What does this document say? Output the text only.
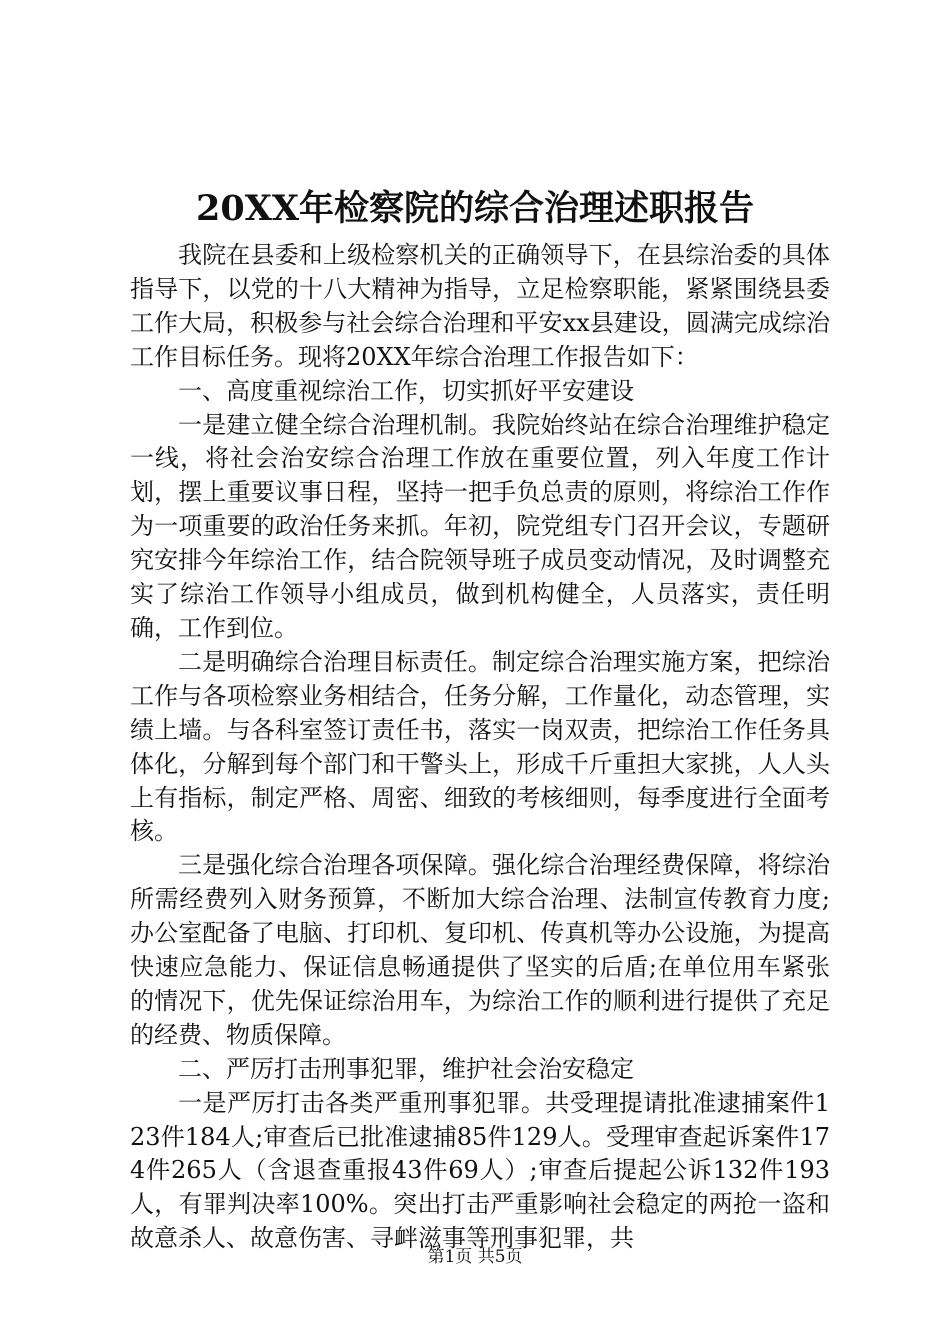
20XX年检察院的综合治理述职报告

我院在县委和上级检察机关的正确领导下，在县综治委的具体指导下，以党的十八大精神为指导，立足检察职能，紧紧围绕县委工作大局，积极参与社会综合治理和平安xx县建设，圆满完成综治工作目标任务。现将20XX年综合治理工作报告如下：

一、高度重视综治工作，切实抓好平安建设

一是建立健全综合治理机制。我院始终站在综合治理维护稳定一线，将社会治安综合治理工作放在重要位置，列入年度工作计划，摆上重要议事日程，坚持一把手负总责的原则，将综治工作作为一项重要的政治任务来抓。年初，院党组专门召开会议，专题研究安排今年综治工作，结合院领导班子成员变动情况，及时调整充实了综治工作领导小组成员，做到机构健全，人员落实，责任明确，工作到位。

二是明确综合治理目标责任。制定综合治理实施方案，把综治工作与各项检察业务相结合，任务分解，工作量化，动态管理，实绩上墙。与各科室签订责任书，落实一岗双责，把综治工作任务具体化，分解到每个部门和干警头上，形成千斤重担大家挑，人人头上有指标，制定严格、周密、细致的考核细则，每季度进行全面考核。

三是强化综合治理各项保障。强化综合治理经费保障，将综治所需经费列入财务预算，不断加大综合治理、法制宣传教育力度;办公室配备了电脑、打印机、复印机、传真机等办公设施，为提高快速应急能力、保证信息畅通提供了坚实的后盾;在单位用车紧张的情况下，优先保证综治用车，为综治工作的顺利进行提供了充足的经费、物质保障。

二、严厉打击刑事犯罪，维护社会治安稳定

一是严厉打击各类严重刑事犯罪。共受理提请批准逮捕案件123件184人;审查后已批准逮捕85件129人。受理审查起诉案件174件265人（含退查重报43件69人）;审查后提起公诉132件193人，有罪判决率100%。突出打击严重影响社会稳定的两抢一盗和故意杀人、故意伤害、寻衅滋事等刑事犯罪，共

第1页 共5页
